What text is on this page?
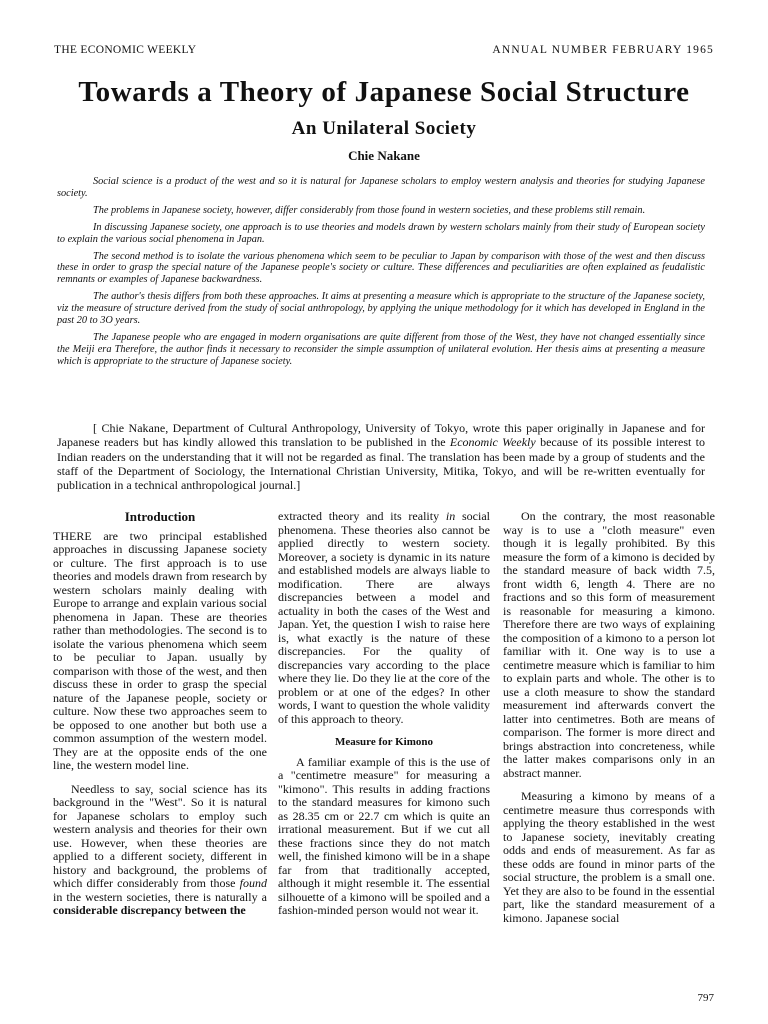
THE ECONOMIC WEEKLY	ANNUAL NUMBER FEBRUARY 1965
Towards a Theory of Japanese Social Structure
An Unilateral Society
Chie Nakane

Social science is a product of the west and so it is natural for Japanese scholars to employ western analysis and theories for studying Japanese society.

The problems in Japanese society, however, differ considerably from those found in western societies, and these problems still remain.

In discussing Japanese society, one approach is to use theories and models drawn by western scholars mainly from their study of European society to explain the various social phenomena in Japan.

The second method is to isolate the various phenomena which seem to be peculiar to Japan by comparison with those of the west and then discuss these in order to grasp the special nature of the Japanese people's society or culture. These differences and peculiarities are often explained as feudalistic remnants or examples of Japanese backwardness.

The author's thesis differs from both these approaches. It aims at presenting a measure which is appropriate to the structure of the Japanese society, viz the measure of structure derived from the study of social anthropology, by applying the unique methodology for it which has developed in England in the past 20 to 3O years.

The Japanese people who are engaged in modern organisations are quite different from those of the West, they have not changed essentially since the Meiji era Therefore, the author finds it necessary to reconsider the simple assumption of unilateral evolution. Her thesis aims at presenting a measure which is appropriate to the structure of Japanese society.

[ Chie Nakane, Department of Cultural Anthropology, University of Tokyo, wrote this paper originally in Japanese and for Japanese readers but has kindly allowed this translation to be published in the Economic Weekly because of its possible interest to Indian readers on the understanding that it will not be regarded as final. The translation has been made by a group of students and the staff of the Department of Sociology, the International Christian University, Mitika, Tokyo, and will be re-written eventually for publication in a technical anthropological journal.]

Introduction

THERE are two principal established approaches in discussing Japanese society or culture. The first approach is to use theories and models drawn from research by western scholars mainly dealing with Europe to arrange and explain various social phenomena in Japan. These are theories rather than methodologies. The second is to isolate the various phenomena which seem to be peculiar to Japan. usually by comparison with those of the west, and then discuss these in order to grasp the special nature of the Japanese people, society or culture. Now these two approaches seem to be opposed to one another but both use a common assumption of the western model. They are at the opposite ends of the one line, the western model line.

Needless to say, social science has its background in the "West". So it is natural for Japanese scholars to employ such western analysis and theories for their own use. However, when these theories are applied to a different society, different in history and background, the problems of which differ considerably from those found in the western societies, there is naturally a considerable discrepancy between the

extracted theory and its reality in social phenomena. These theories also cannot be applied directly to western society. Moreover, a society is dynamic in its nature and established models are always liable to modification. There are always discrepancies between a model and actuality in both the cases of the West and Japan. Yet, the question I wish to raise here is, what exactly is the nature of these discrepancies. For the quality of discrepancies vary according to the place where they lie. Do they lie at the core of the problem or at one of the edges? In other words, I want to question the whole validity of this approach to theory.

Measure for Kimono

A familiar example of this is the use of a "centimetre measure" for measuring a "kimono". This results in adding fractions to the standard measures for kimono such as 28.35 cm or 22.7 cm which is quite an irrational measurement. But if we cut all these fractions since they do not match well, the finished kimono will be in a shape far from that traditionally accepted, although it might resemble it. The essential silhouette of a kimono will be spoiled and a fashion-minded person would not wear it.

On the contrary, the most reasonable way is to use a "cloth measure" even though it is legally prohibited. By this measure the form of a kimono is decided by the standard measure of back width 7.5, front width 6, length 4. There are no fractions and so this form of measurement is reasonable for measuring a kimono. Therefore there are two ways of explaining the composition of a kimono to a person lot familiar with it. One way is to use a centimetre measure which is familiar to him to explain parts and whole. The other is to use a cloth measure to show the standard measurement ind afterwards convert the latter into centimetres. Both are means of comparison. The former is more direct and brings abstraction into concreteness, while the latter makes comparisons only in an abstract manner.

Measuring a kimono by means of a centimetre measure thus corresponds with applying the theory established in the west to Japanese society, inevitably creating odds and ends of measurement. As far as these odds are found in minor parts of the social structure, the problem is a small one. Yet they are also to be found in the essential part, like the standard measurement of a kimono. Japanese social

797
